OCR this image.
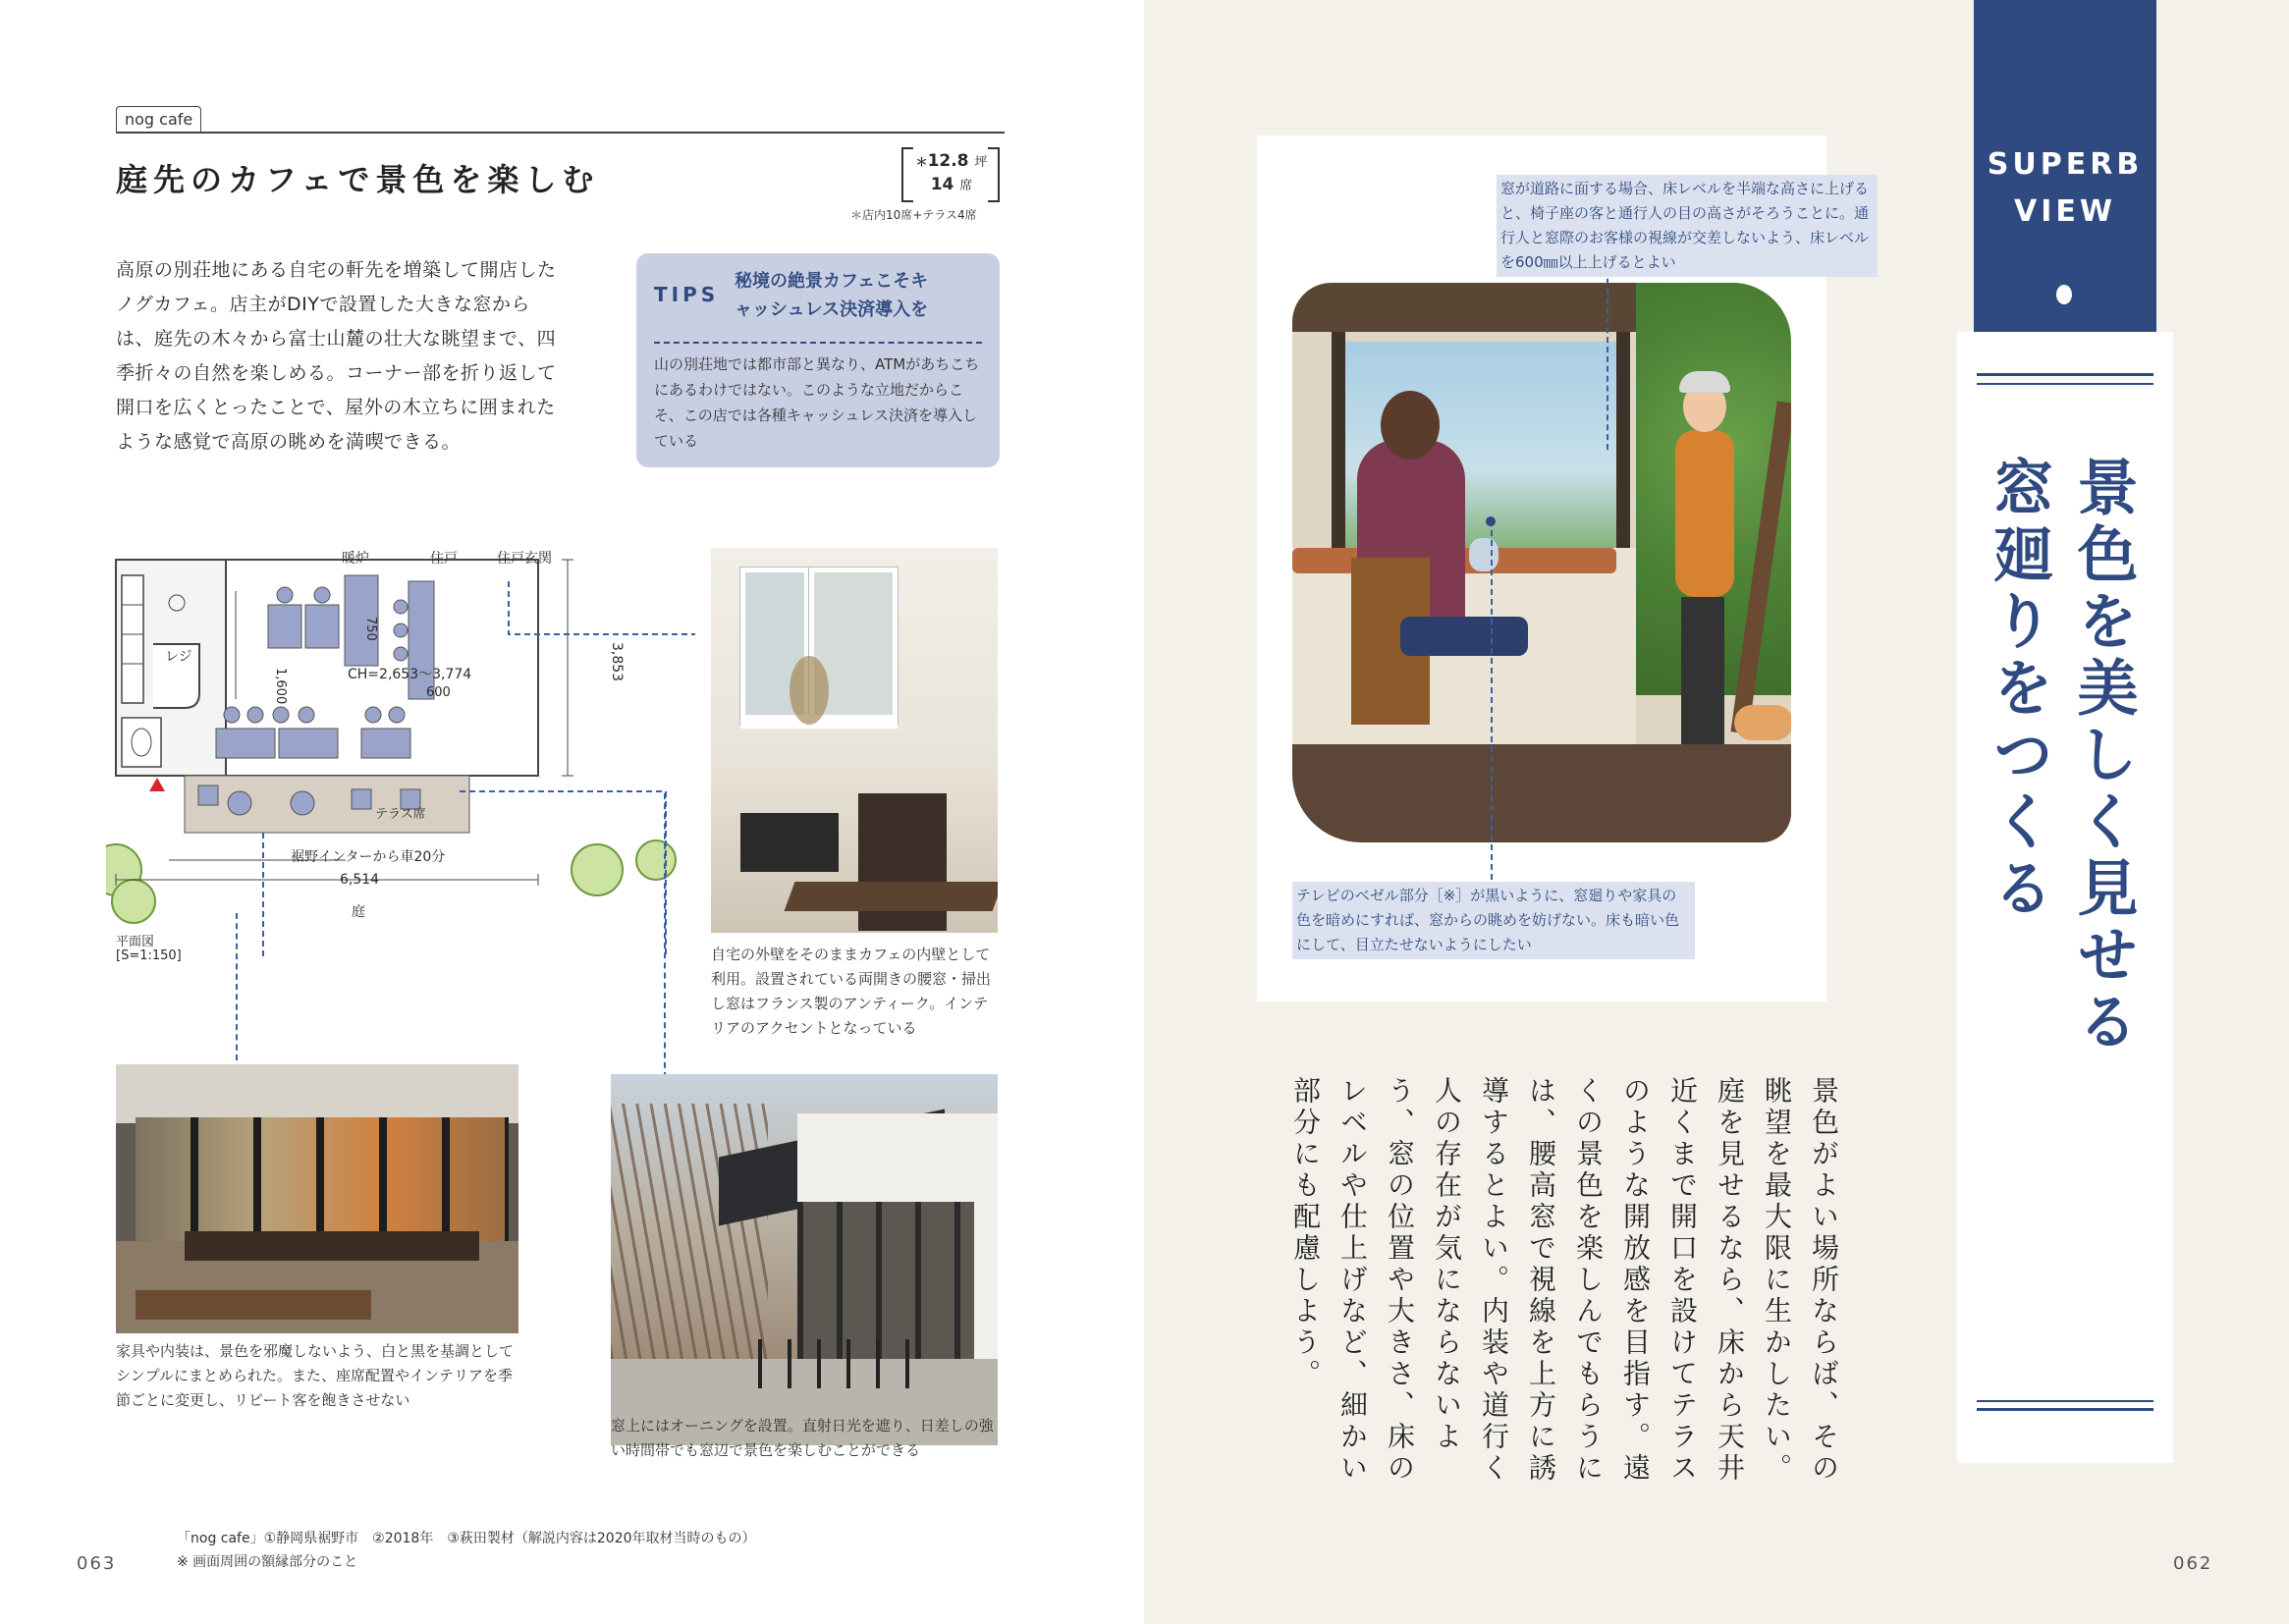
nog cafe
庭先のカフェで景色を楽しむ	＊12.8 坪
14 席
＊店内10席+テラス4席
高原の別荘地にある自宅の軒先を増築して開店したノグカフェ。店主がDIYで設置した大きな窓からは、庭先の木々から富士山麓の壮大な眺望まで、四季折々の自然を楽しめる。コーナー部を折り返して開口を広くとったことで、屋外の木立ちに囲まれたような感覚で高原の眺めを満喫できる。
TIPS
秘境の絶景カフェこそキャッシュレス決済導入を
山の別荘地では都市部と異なり、ATMがあちこちにあるわけではない。このような立地だからこそ、この店では各種キャッシュレス決済を導入している
暖炉	住戸	住戸玄関
レジ
CH=2,653～3,774
750
600
1,600
3,853
テラス席
裾野インターから車20分
6,514
庭
平面図
[S=1:150]	自宅の外壁をそのままカフェの内壁として利用。設置されている両開きの腰窓・掃出し窓はフランス製のアンティーク。インテリアのアクセントとなっている
家具や内装は、景色を邪魔しないよう、白と黒を基調としてシンプルにまとめられた。また、座席配置やインテリアを季節ごとに変更し、リピート客を飽きさせない
窓上にはオーニングを設置。直射日光を遮り、日差しの強い時間帯でも窓辺で景色を楽しむことができる
「nog cafe」①静岡県裾野市　②2018年　③萩田製材（解説内容は2020年取材当時のもの）
※ 画面周囲の額縁部分のこと
063
SUPERB
VIEW
景色を美しく見せる
窓廻りをつくる
窓が道路に面する場合、床レベルを半端な高さに上げると、椅子座の客と通行人の目の高さがそろうことに。通行人と窓際のお客様の視線が交差しないよう、床レベルを600㎜以上上げるとよい
テレビのベゼル部分［※］が黒いように、窓廻りや家具の色を暗めにすれば、窓からの眺めを妨げない。床も暗い色にして、目立たせないようにしたい
景色がよい場所ならば、その眺望を最大限に生かしたい。庭を見せるなら、床から天井近くまで開口を設けてテラスのような開放感を目指す。遠くの景色を楽しんでもらうには、腰高窓で視線を上方に誘導するとよい。内装や道行く人の存在が気にならないよう、窓の位置や大きさ、床のレベルや仕上げなど、細かい部分にも配慮しよう。
062
